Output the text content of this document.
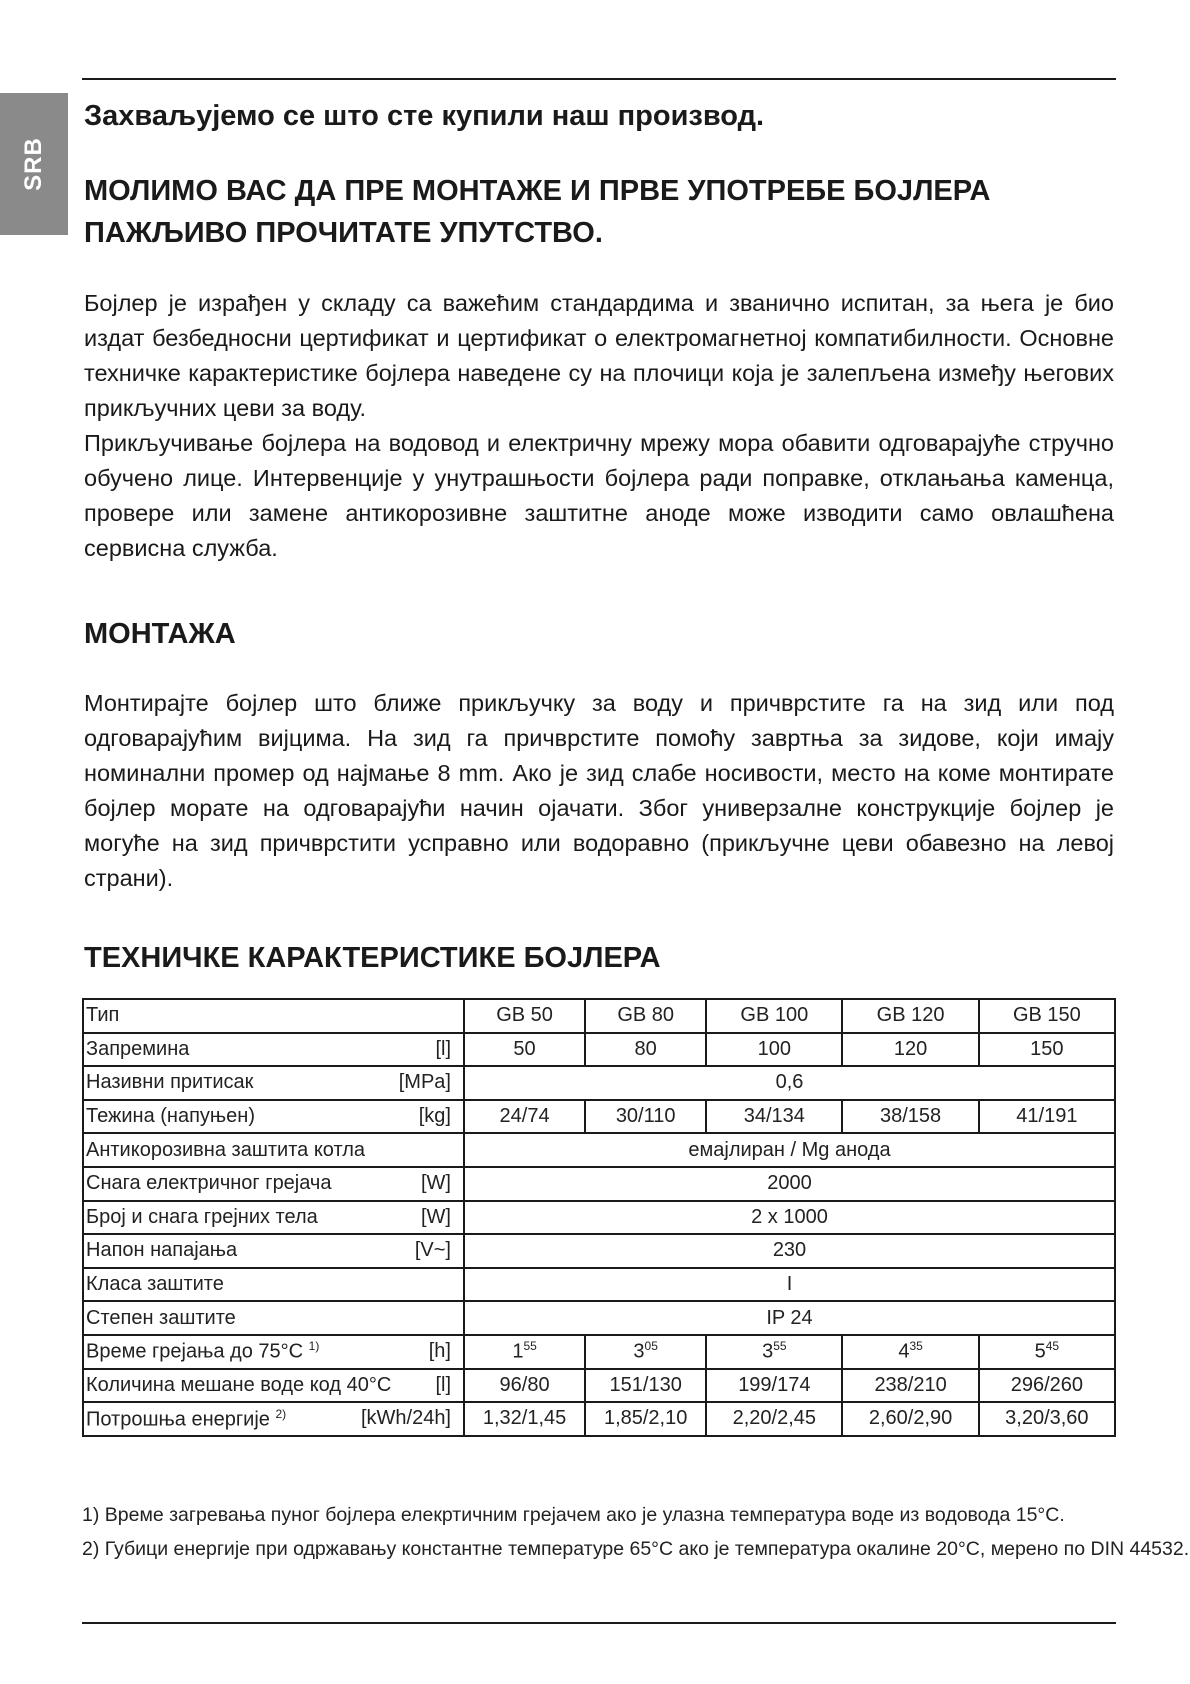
SRB

Захваљујемо се што сте купили наш производ.

МОЛИМО ВАС ДА ПРЕ МОНТАЖЕ И ПРВЕ УПОТРЕБЕ БОЈЛЕРА ПАЖЉИВО ПРОЧИТАТЕ УПУТСТВО.

Бојлер је израђен у складу са важећим стандардима и званично испитан, за њега је био издат безбедносни цертификат и цертификат о електромагнетној компатибилности. Основне техничке карактеристике бојлера наведене су на плочици која је залепљена између његових прикључних цеви за воду.

Прикључивање бојлера на водовод и електричну мрежу мора обавити одговарајуће стручно обучено лице. Интервенције у унутрашњости бојлера ради поправке, отклањања каменца, провере или замене антикорозивне заштитне аноде може изводити само овлашћена сервисна служба.

МОНТАЖА

Монтирајте бојлер што ближе прикључку за воду и причврстите га на зид или под одговарајућим вијцима. На зид га причврстите помоћу завртња за зидове, који имају номинални промер од најмање 8 mm. Ако је зид слабе носивости, место на коме монтирате бојлер морате на одговарајући начин ојачати. Због универзалне конструкције бојлер је могуће на зид причврстити усправно или водоравно (прикључне цеви обавезно на левој страни).

ТЕХНИЧКЕ КАРАКТЕРИСТИКЕ БОЈЛЕРА
Тип	GB 50	GB 80	GB 100	GB 120	GB 150

Запремина [l]	50	80	100	120	150

Називни притисак [MPa]	0,6				

Тежина (напуњен) [kg]	24/74	30/110	34/134	38/158	41/191

Антикорозивна заштита котла	емајлиран / Mg анода				

Снага електричног грејача [W]	2000				

Број и снага грејних тела [W]	2 x 1000				

Напон напајања [V~]	230				

Класа заштите	I				

Степен заштите	IP 24				

Време грејања до 75°C $^{1)}$ [h]	$1^{55}$	$3^{05}$	$3^{55}$	$4^{35}$	$5^{45}$

Количина мешане воде код 40°C [l]	96/80	151/130	199/174	238/210	296/260

Потрошња енергије $^{2)}$ [kWh/24h]	1,32/1,45	1,85/2,10	2,20/2,45	2,60/2,90	3,20/3,60

1) Време загревања пуног бојлера елекртичним грејачем ако је улазна температура воде из водовода 15°C.

2) Губици енергије при одржавању константне температуре 65°C ако је температура окалине 20°C, мерено по DIN 44532.
